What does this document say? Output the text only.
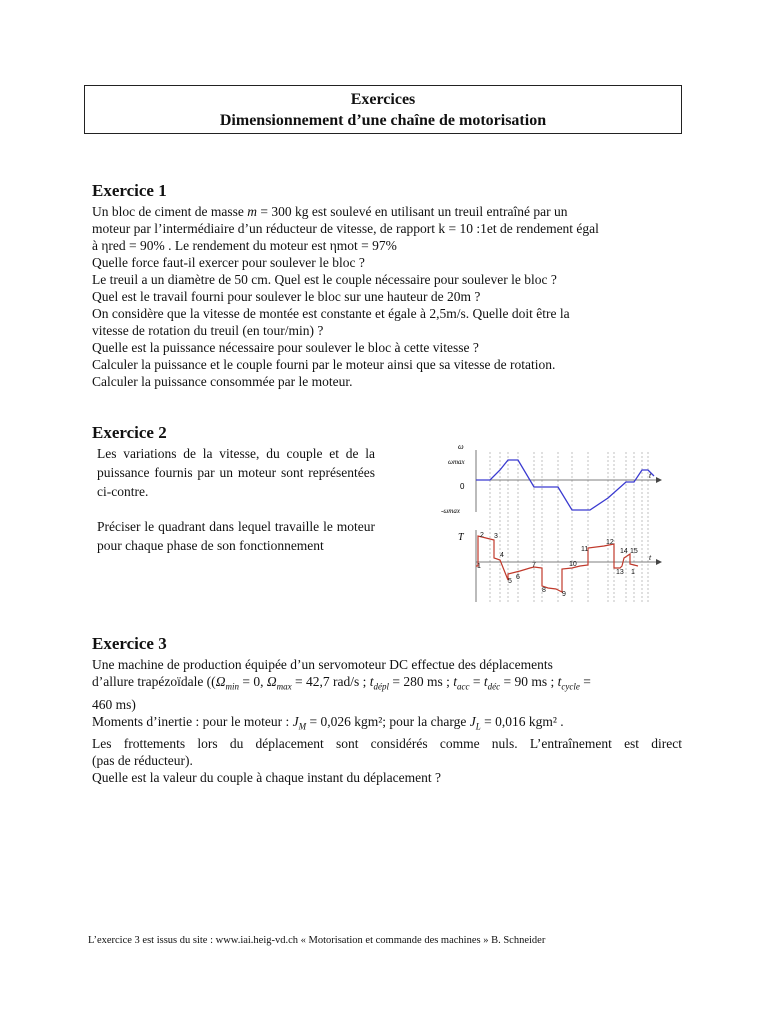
Exercices
Dimensionnement d’une chaîne de motorisation
Exercice 1
Un bloc de ciment de masse m = 300 kg est soulevé en utilisant un treuil entraîné par un
moteur par l’intermédiaire d’un réducteur de vitesse, de rapport k = 10 :1et de rendement égal
à ηred = 90% . Le rendement du moteur est ηmot = 97%
Quelle force faut-il exercer pour soulever le bloc ?
Le treuil a un diamètre de 50 cm. Quel est le couple nécessaire pour soulever le bloc ?
Quel est le travail fourni pour soulever le bloc sur une hauteur de 20m ?
On considère que la vitesse de montée est constante et égale à 2,5m/s. Quelle doit être la
vitesse de rotation du treuil (en tour/min) ?
Quelle est la puissance nécessaire pour soulever le bloc à cette vitesse ?
Calculer la puissance et le couple fourni par le moteur ainsi que sa vitesse de rotation.
Calculer la puissance consommée par le moteur.
Exercice 2
Les variations de la vitesse, du couple et de la puissance fournis par un moteur sont représentées ci-contre.
Préciser le quadrant dans lequel travaille le moteur pour chaque phase de son fonctionnement
ω
ωmax
0
-ωmax
t
T
t
1
2 3
4
5
6
7
8
9
10
11
12
13
14 15
1
Exercice 3
Une machine de production équipée d’un servomoteur DC effectue des déplacements
d’allure trapézoïdale (($\Omega_{min} = 0$, $\Omega_{max} = 42,7$ rad/s ; $t_{dépl} = 280$ ms ; $t_{acc} = t_{déc} = 90$ ms ; $t_{cycle}$ =
460 ms)
Moments d’inertie : pour le moteur : $J_M = 0,026$ kgm²; pour la charge $J_L = 0,016$ kgm² .
Les frottements lors du déplacement sont considérés comme nuls. L’entraînement est direct
(pas de réducteur).
Quelle est la valeur du couple à chaque instant du déplacement ?
L’exercice 3 est issus du site : www.iai.heig-vd.ch « Motorisation et commande des machines » B. Schneider
